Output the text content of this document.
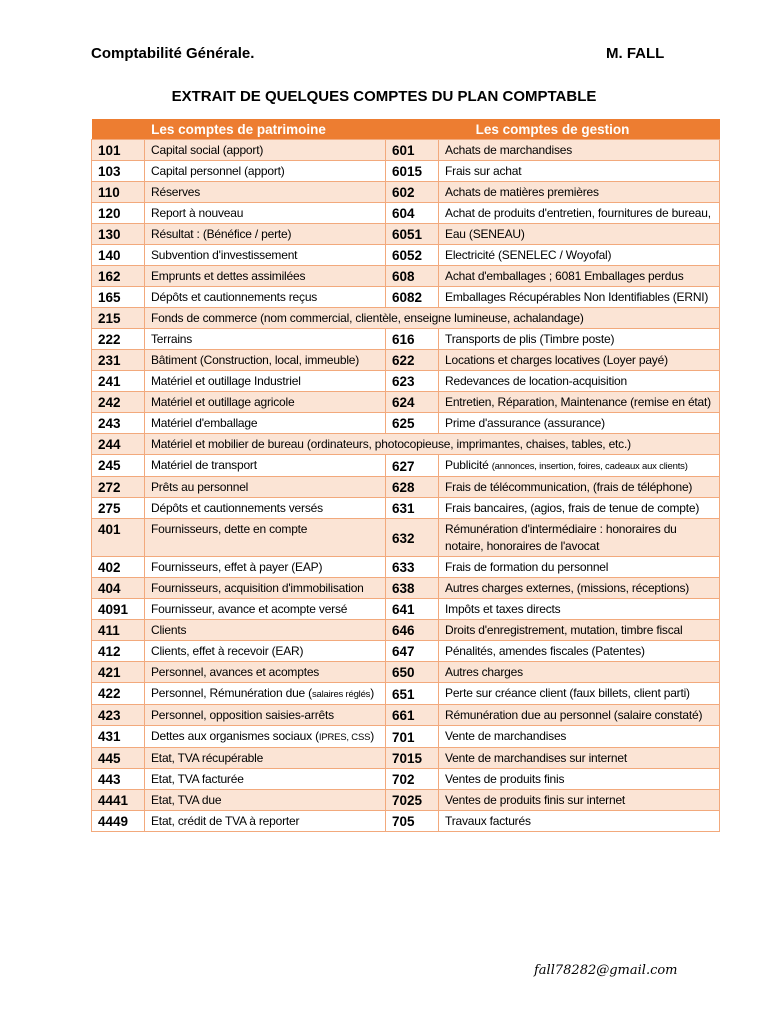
Comptabilité Générale.	M. FALL
EXTRAIT DE QUELQUES COMPTES DU PLAN COMPTABLE
Les comptes de patrimoine		Les comptes de gestion	
101	Capital social (apport)	601	Achats de marchandises
103	Capital personnel (apport)	6015	Frais sur achat
110	Réserves	602	Achats de matières premières
120	Report à nouveau	604	Achat de produits d'entretien, fournitures de bureau,
130	Résultat : (Bénéfice / perte)	6051	Eau (SENEAU)
140	Subvention d'investissement	6052	Electricité (SENELEC / Woyofal)
162	Emprunts et dettes assimilées	608	Achat d'emballages ; 6081 Emballages perdus
165	Dépôts et cautionnements reçus	6082	Emballages Récupérables Non Identifiables (ERNI)
215	Fonds de commerce (nom commercial, clientèle, enseigne lumineuse, achalandage)		
222	Terrains	616	Transports de plis (Timbre poste)
231	Bâtiment (Construction, local, immeuble)	622	Locations et charges locatives (Loyer payé)
241	Matériel et outillage Industriel	623	Redevances de location-acquisition
242	Matériel et outillage agricole	624	Entretien, Réparation, Maintenance (remise en état)
243	Matériel d'emballage	625	Prime d'assurance (assurance)
244	Matériel et mobilier de bureau (ordinateurs, photocopieuse, imprimantes, chaises, tables, etc.)		
245	Matériel de transport	627	Publicité (annonces, insertion, foires, cadeaux aux clients)
272	Prêts au personnel	628	Frais de télécommunication, (frais de téléphone)
275	Dépôts et cautionnements versés	631	Frais bancaires, (agios, frais de tenue de compte)
401	Fournisseurs, dette en compte	632	Rémunération d'intermédiaire : honoraires du notaire, honoraires de l'avocat
402	Fournisseurs, effet à payer (EAP)	633	Frais de formation du personnel
404	Fournisseurs, acquisition d'immobilisation	638	Autres charges externes, (missions, réceptions)
4091	Fournisseur, avance et acompte versé	641	Impôts et taxes directs
411	Clients	646	Droits d'enregistrement, mutation, timbre fiscal
412	Clients, effet à recevoir (EAR)	647	Pénalités, amendes fiscales (Patentes)
421	Personnel, avances et acomptes	650	Autres charges
422	Personnel, Rémunération due (salaires réglés)	651	Perte sur créance client (faux billets, client parti)
423	Personnel, opposition saisies-arrêts	661	Rémunération due au personnel (salaire constaté)
431	Dettes aux organismes sociaux (IPRES, CSS)	701	Vente de marchandises
445	Etat, TVA récupérable	7015	Vente de marchandises sur internet
443	Etat, TVA facturée	702	Ventes de produits finis
4441	Etat, TVA due	7025	Ventes de produits finis sur internet
4449	Etat, crédit de TVA à reporter	705	Travaux facturés
fall78282@gmail.com
